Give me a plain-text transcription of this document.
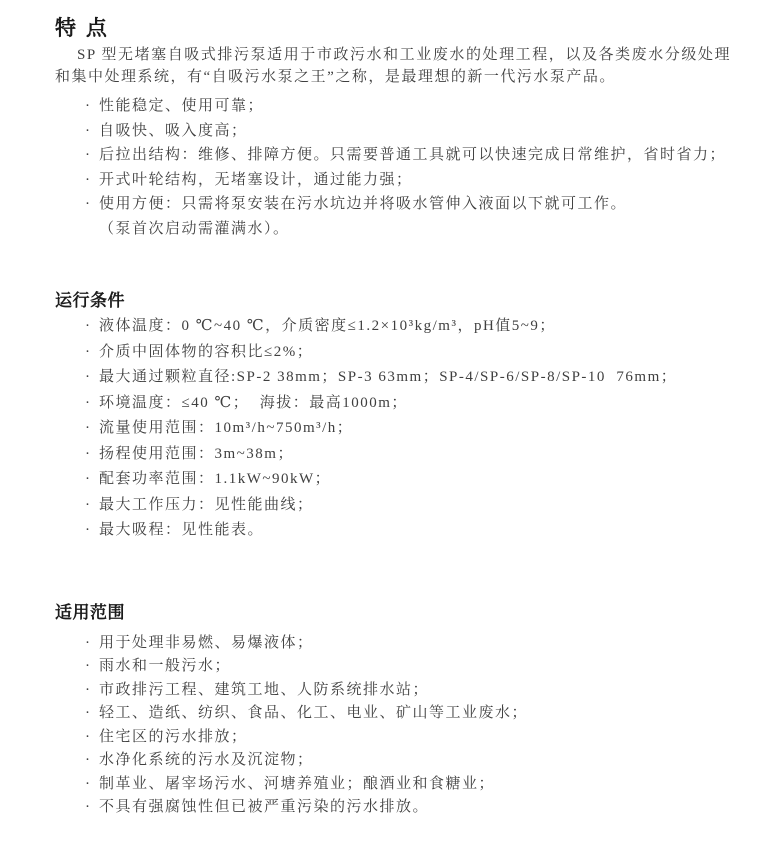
特 点

SP 型无堵塞自吸式排污泵适用于市政污水和工业废水的处理工程，以及各类废水分级处理和集中处理系统，有“自吸污水泵之王”之称，是最理想的新一代污水泵产品。

· 性能稳定、使用可靠；
· 自吸快、吸入度高；
· 后拉出结构：维修、排障方便。只需要普通工具就可以快速完成日常维护，省时省力；
· 开式叶轮结构，无堵塞设计，通过能力强；
· 使用方便：只需将泵安装在污水坑边并将吸水管伸入液面以下就可工作。
（泵首次启动需灌满水）。
运行条件
· 液体温度：0 ℃~40 ℃，介质密度≤1.2×10³kg/m³，pH值5~9；
· 介质中固体物的容积比≤2%；
· 最大通过颗粒直径:SP-2 38mm；SP-3 63mm；SP-4/SP-6/SP-8/SP-10  76mm；
· 环境温度：≤40 ℃；  海拔：最高1000m；
· 流量使用范围：10m³/h~750m³/h；
· 扬程使用范围：3m~38m；
· 配套功率范围：1.1kW~90kW；
· 最大工作压力：见性能曲线；
· 最大吸程：见性能表。
适用范围
· 用于处理非易燃、易爆液体；
· 雨水和一般污水；
· 市政排污工程、建筑工地、人防系统排水站；
· 轻工、造纸、纺织、食品、化工、电业、矿山等工业废水；
· 住宅区的污水排放；
· 水净化系统的污水及沉淀物；
· 制革业、屠宰场污水、河塘养殖业；酿酒业和食糖业；
· 不具有强腐蚀性但已被严重污染的污水排放。
